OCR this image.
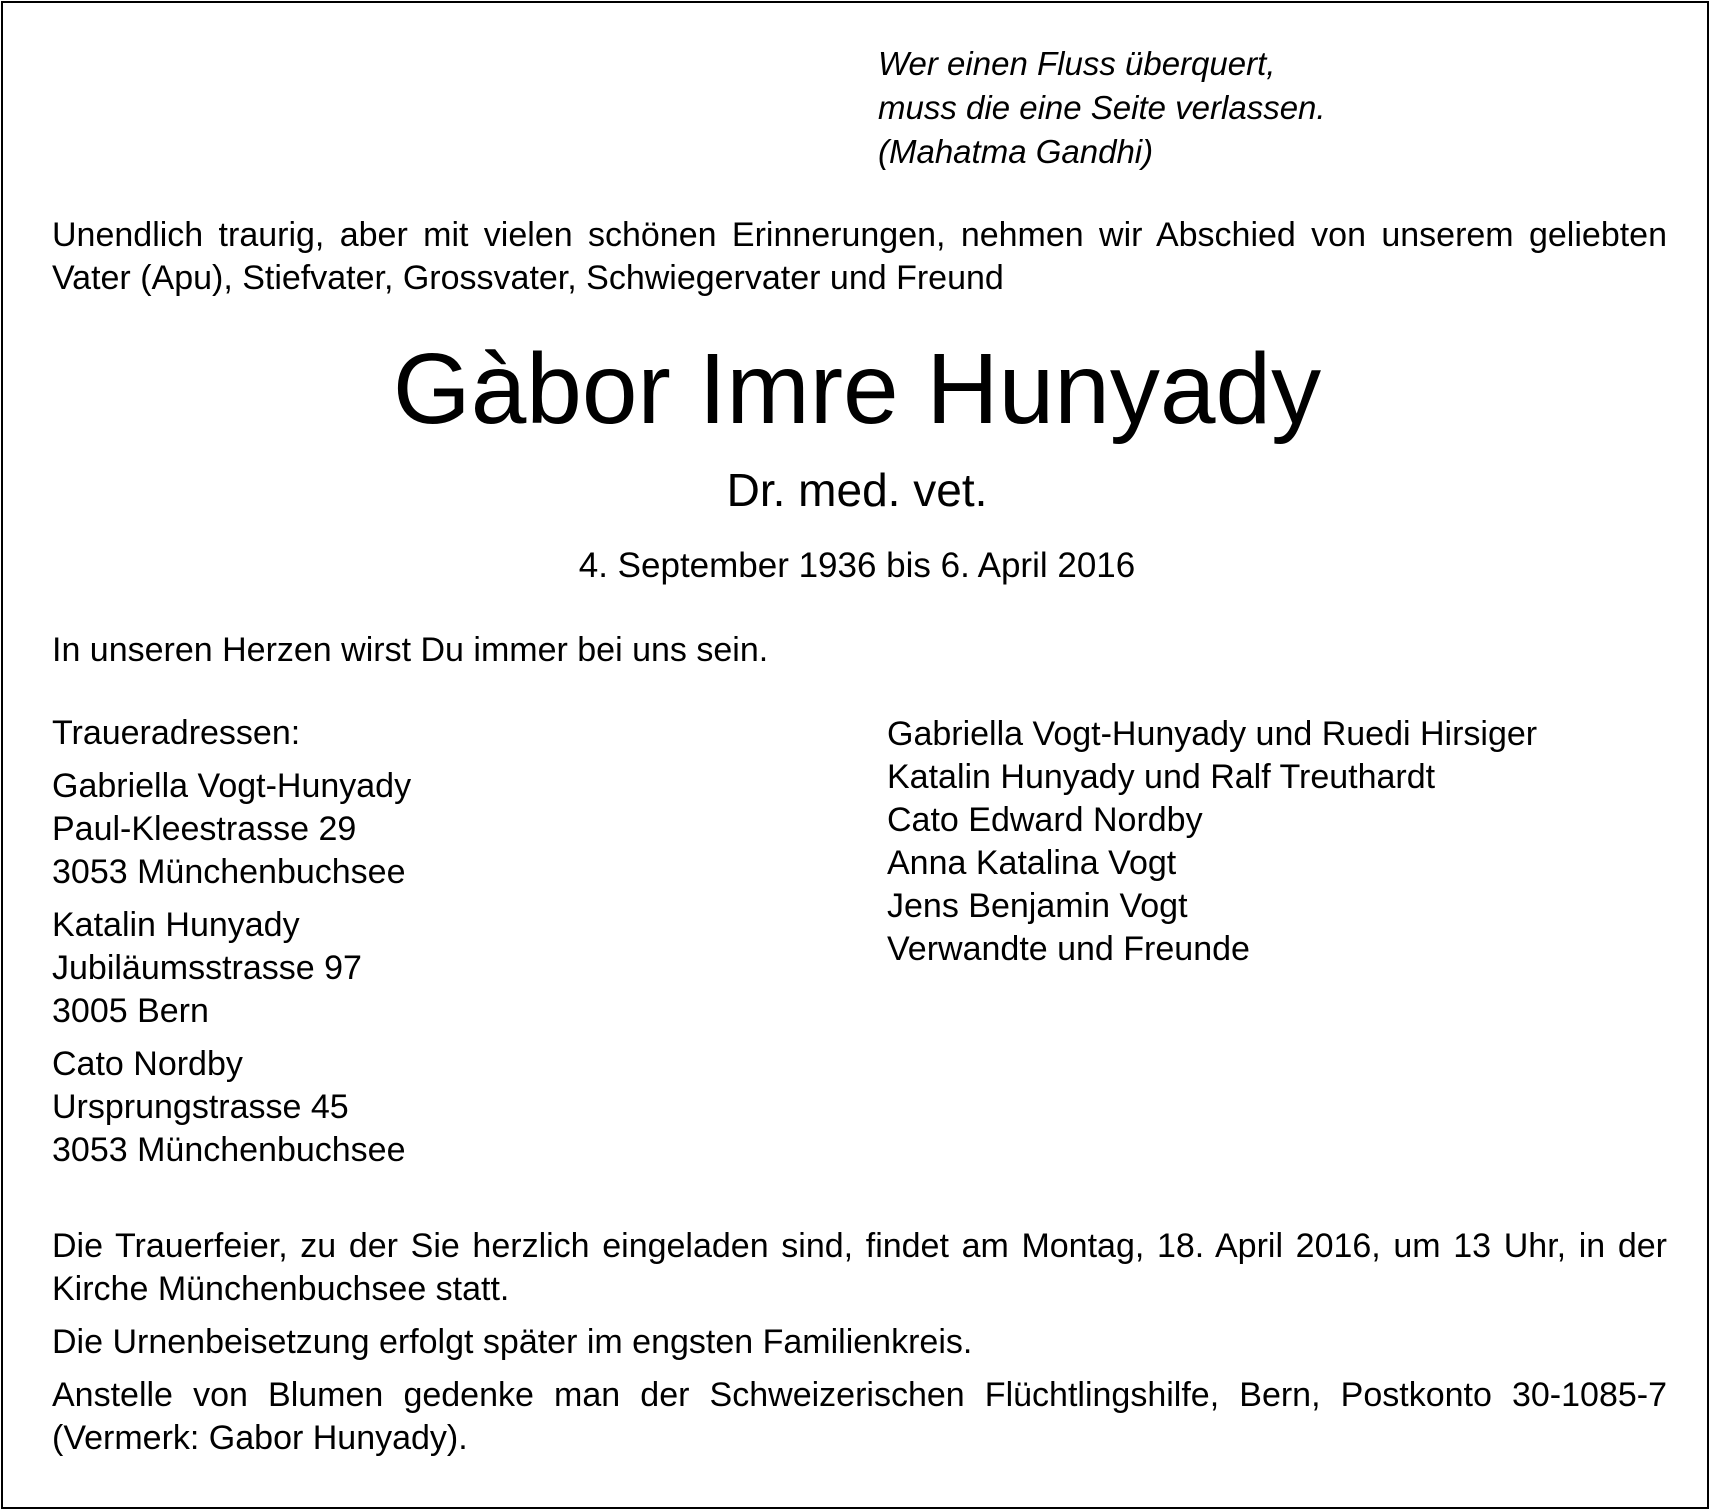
Wer einen Fluss überquert,
muss die eine Seite verlassen.
(Mahatma Gandhi)
Unendlich traurig, aber mit vielen schönen Erinnerungen, nehmen wir Abschied von unserem geliebten Vater (Apu), Stiefvater, Grossvater, Schwiegervater und Freund
Gàbor Imre Hunyady
Dr. med. vet.
4. September 1936 bis 6. April 2016
In unseren Herzen wirst Du immer bei uns sein.
Traueradressen:
Gabriella Vogt-Hunyady
Paul-Kleestrasse 29
3053 Münchenbuchsee
Katalin Hunyady
Jubiläumsstrasse 97
3005 Bern
Cato Nordby
Ursprungstrasse 45
3053 Münchenbuchsee
Gabriella Vogt-Hunyady und Ruedi Hirsiger
Katalin Hunyady und Ralf Treuthardt
Cato Edward Nordby
Anna Katalina Vogt
Jens Benjamin Vogt
Verwandte und Freunde

Die Trauerfeier, zu der Sie herzlich eingeladen sind, findet am Montag, 18. April 2016, um 13 Uhr, in der Kirche Münchenbuchsee statt.

Die Urnenbeisetzung erfolgt später im engsten Familienkreis.

Anstelle von Blumen gedenke man der Schweizerischen Flüchtlingshilfe, Bern, Postkonto 30-1085-7 (Vermerk: Gabor Hunyady).
